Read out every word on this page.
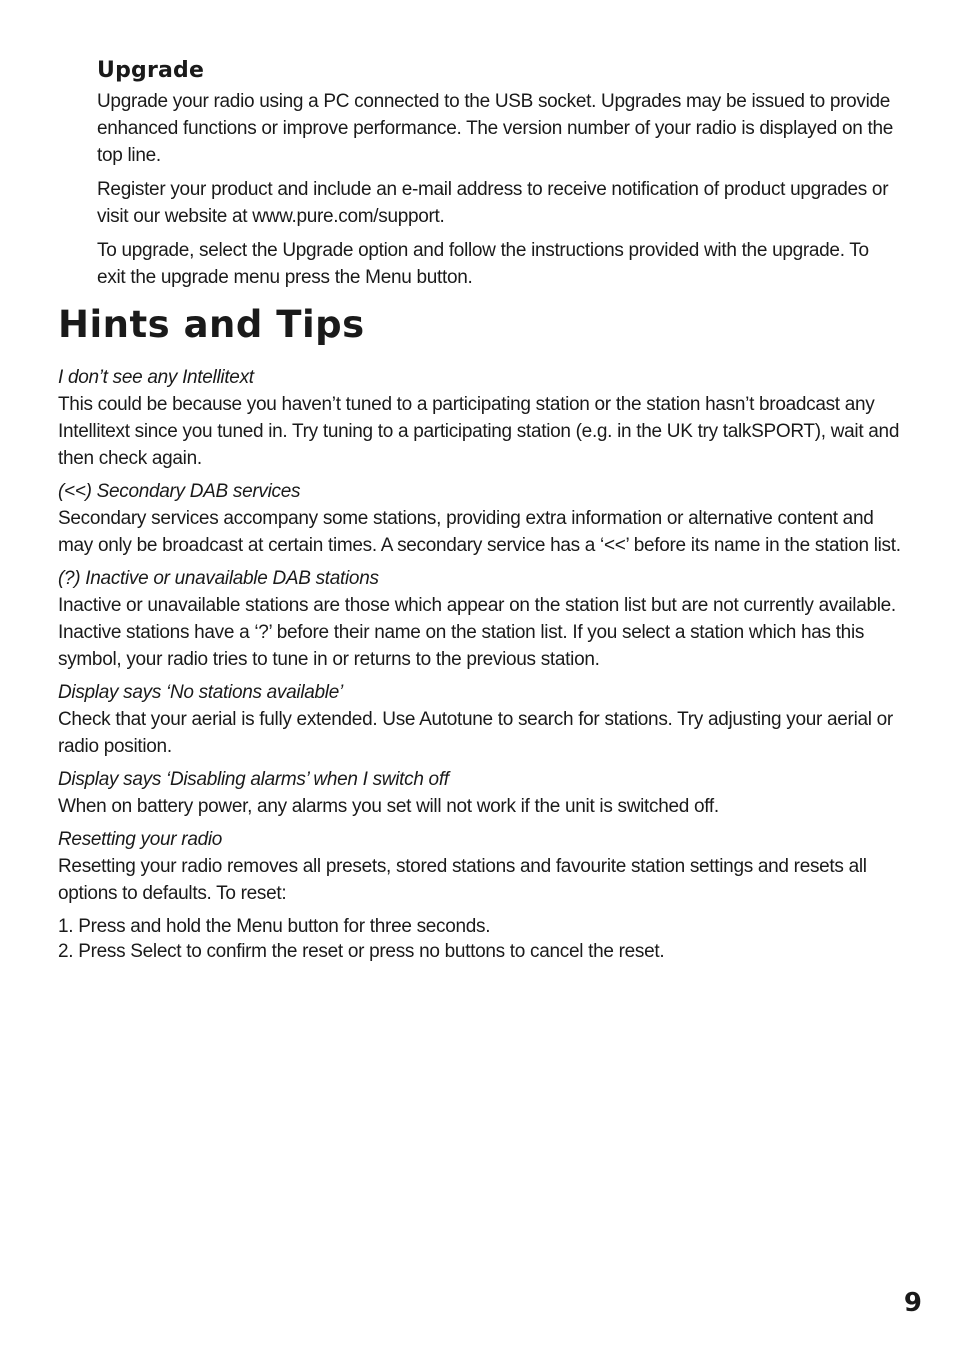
Upgrade

Upgrade your radio using a PC connected to the USB socket. Upgrades may be issued to provide enhanced functions or improve performance. The version number of your radio is displayed on the top line.

Register your product and include an e-mail address to receive notification of product upgrades or visit our website at www.pure.com/support.

To upgrade, select the Upgrade option and follow the instructions provided with the upgrade. To exit the upgrade menu press the Menu button.

Hints and Tips

I don’t see any Intellitext

This could be because you haven’t tuned to a participating station or the station hasn’t broadcast any Intellitext since you tuned in. Try tuning to a participating station (e.g. in the UK try talkSPORT), wait and then check again.

(<<) Secondary DAB services

Secondary services accompany some stations, providing extra information or alternative content and may only be broadcast at certain times. A secondary service has a ‘<<’ before its name in the station list.

(?) Inactive or unavailable DAB stations

Inactive or unavailable stations are those which appear on the station list but are not currently available. Inactive stations have a ‘?’ before their name on the station list. If you select a station which has this symbol, your radio tries to tune in or returns to the previous station.

Display says ‘No stations available’

Check that your aerial is fully extended. Use Autotune to search for stations. Try adjusting your aerial or radio position.

Display says ‘Disabling alarms’ when I switch off

When on battery power, any alarms you set will not work if the unit is switched off.

Resetting your radio

Resetting your radio removes all presets, stored stations and favourite station settings and resets all options to defaults. To reset:

1. Press and hold the Menu button for three seconds.
2. Press Select to confirm the reset or press no buttons to cancel the reset.
9
